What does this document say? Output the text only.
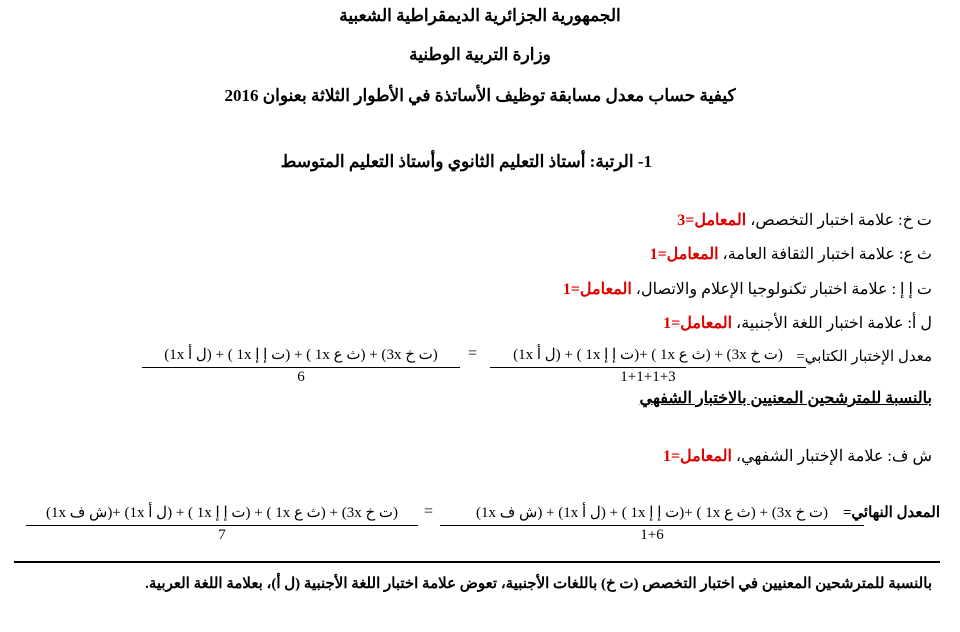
الجمهورية الجزائرية الديمقراطية الشعبية
وزارة التربية الوطنية
كيفية حساب معدل مسابقة توظيف الأساتذة في الأطوار الثلاثة بعنوان 2016
1- الرتبة: أستاذ التعليم الثانوي وأستاذ التعليم المتوسط
ت خ: علامة اختبار التخصص، المعامل=3
ث ع: علامة اختبار الثقافة العامة، المعامل=1
ت إ إ : علامة اختبار تكنولوجيا الإعلام والاتصال، المعامل=1
ل أ: علامة اختبار اللغة الأجنبية، المعامل=1
معدل الإختبار الكتابي=
(ت خ 3x) + (ث ع 1x ) +(ت إ إ 1x ) + (ل أ 1x)
1+1+1+3
=
(ت خ 3x) + (ث ع 1x ) + (ت إ إ 1x ) + (ل أ 1x)
6
بالنسبة للمترشحين المعنيين بالاختبار الشفهي
ش ف: علامة الإختبار الشفهي، المعامل=1
المعدل النهائي=
(ت خ 3x) + (ث ع 1x ) +(ت إ إ 1x ) + (ل أ 1x) + (ش ف 1x)
1+6
=
(ت خ 3x) + (ث ع 1x ) + (ت إ إ 1x ) + (ل أ 1x) +(ش ف 1x)
7
بالنسبة للمترشحين المعنيين في اختبار التخصص (ت خ) باللغات الأجنبية، تعوض علامة اختبار اللغة الأجنبية (ل أ)، بعلامة اللغة العربية.
